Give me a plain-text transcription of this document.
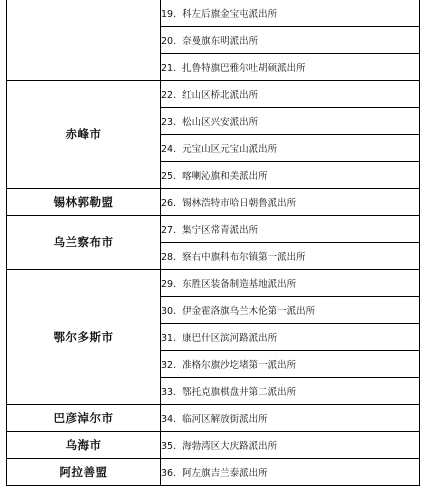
	19. 科左后旗金宝屯派出所
	20. 奈曼旗东明派出所
	21. 扎鲁特旗巴雅尔吐胡硕派出所
赤峰市	22. 红山区桥北派出所
	23. 松山区兴安派出所
	24. 元宝山区元宝山派出所
	25. 喀喇沁旗和美派出所
锡林郭勒盟	26. 锡林浩特市哈日朝鲁派出所
乌兰察布市	27. 集宁区常青派出所
	28. 察右中旗科布尔镇第一派出所
鄂尔多斯市	29. 东胜区装备制造基地派出所
	30. 伊金霍洛旗乌兰木伦第一派出所
	31. 康巴什区滨河路派出所
	32. 准格尔旗沙圪堵第一派出所
	33. 鄂托克旗棋盘井第二派出所
巴彦淖尔市	34. 临河区解放街派出所
乌海市	35. 海勃湾区大庆路派出所
阿拉善盟	36. 阿左旗吉兰泰派出所
